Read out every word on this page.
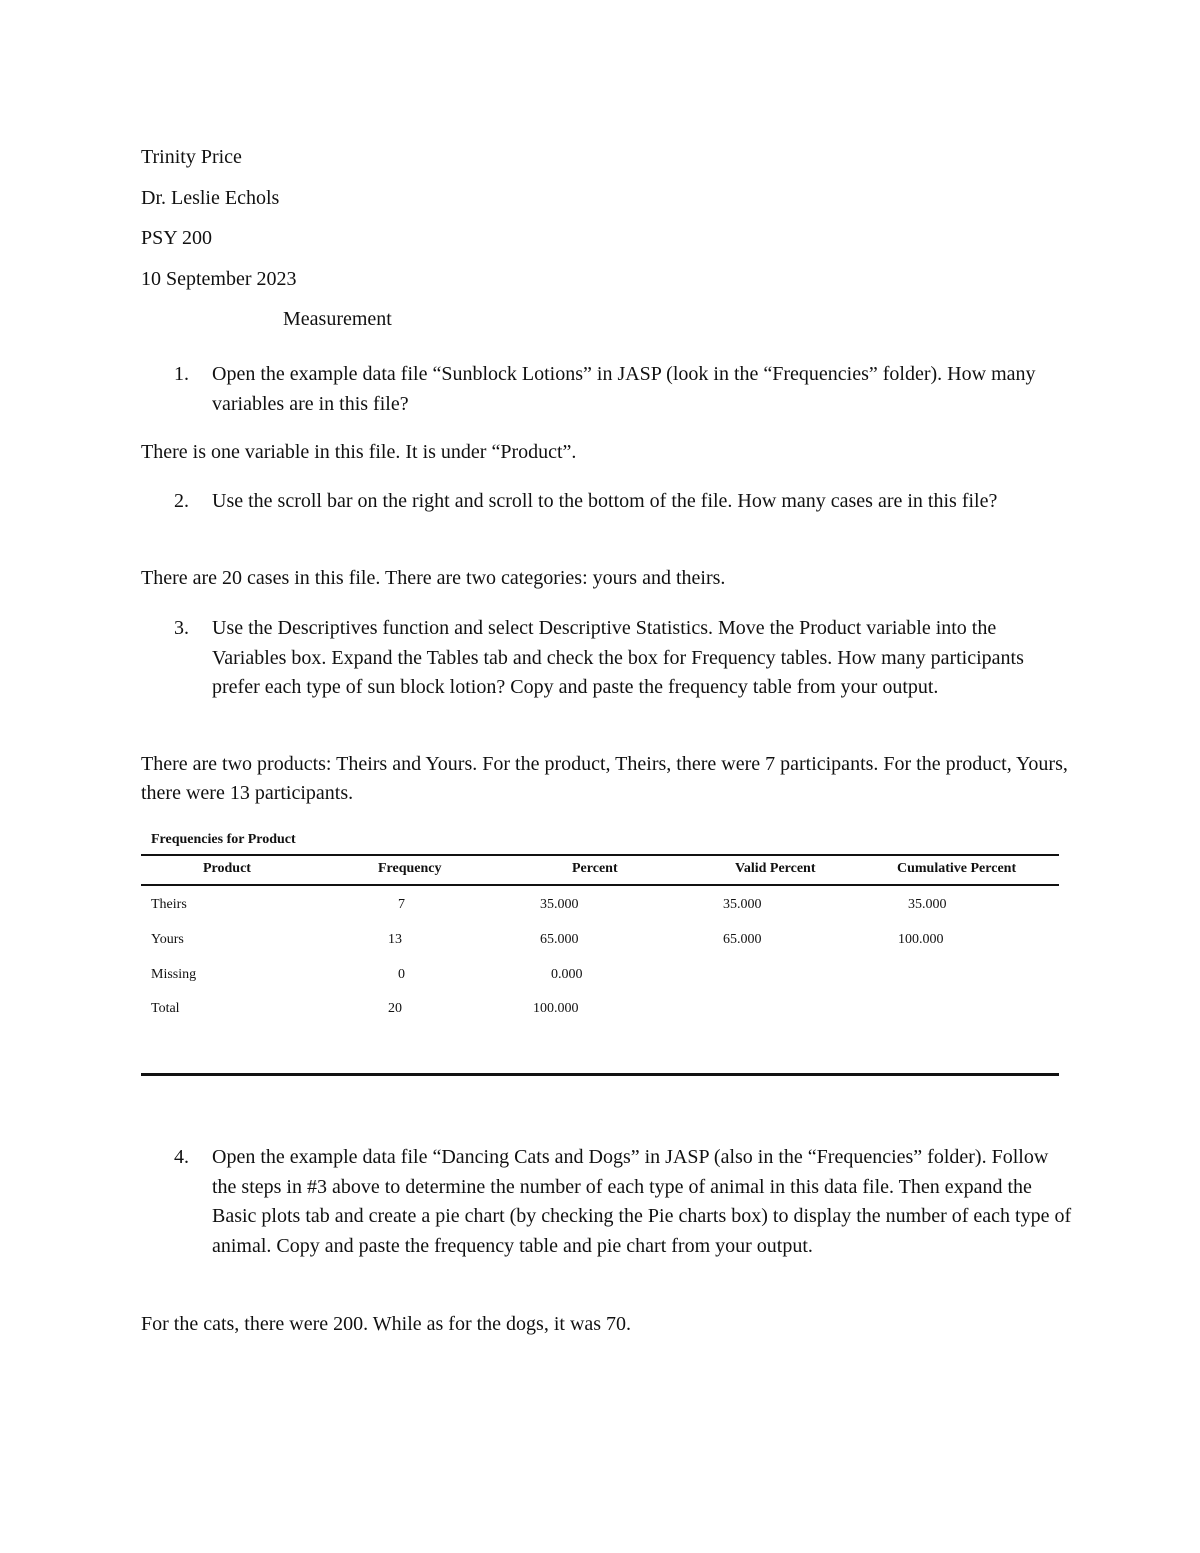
Trinity Price
Dr. Leslie Echols
PSY 200
10 September 2023
Measurement
1. Open the example data file “Sunblock Lotions” in JASP (look in the “Frequencies” folder). How many variables are in this file?
There is one variable in this file. It is under “Product”.
2. Use the scroll bar on the right and scroll to the bottom of the file. How many cases are in this file?
There are 20 cases in this file. There are two categories: yours and theirs.
3. Use the Descriptives function and select Descriptive Statistics. Move the Product variable into the Variables box. Expand the Tables tab and check the box for Frequency tables. How many participants prefer each type of sun block lotion? Copy and paste the frequency table from your output.
There are two products: Theirs and Yours. For the product, Theirs, there were 7 participants. For the product, Yours, there were 13 participants.
Frequencies for Product
Product	Frequency	Percent	Valid Percent	Cumulative Percent
Theirs	7	35.000	35.000	35.000
Yours	13	65.000	65.000	100.000
Missing	0	0.000
Total	20	100.000
4. Open the example data file “Dancing Cats and Dogs” in JASP (also in the “Frequencies” folder). Follow the steps in #3 above to determine the number of each type of animal in this data file. Then expand the Basic plots tab and create a pie chart (by checking the Pie charts box) to display the number of each type of animal. Copy and paste the frequency table and pie chart from your output.
For the cats, there were 200. While as for the dogs, it was 70.
